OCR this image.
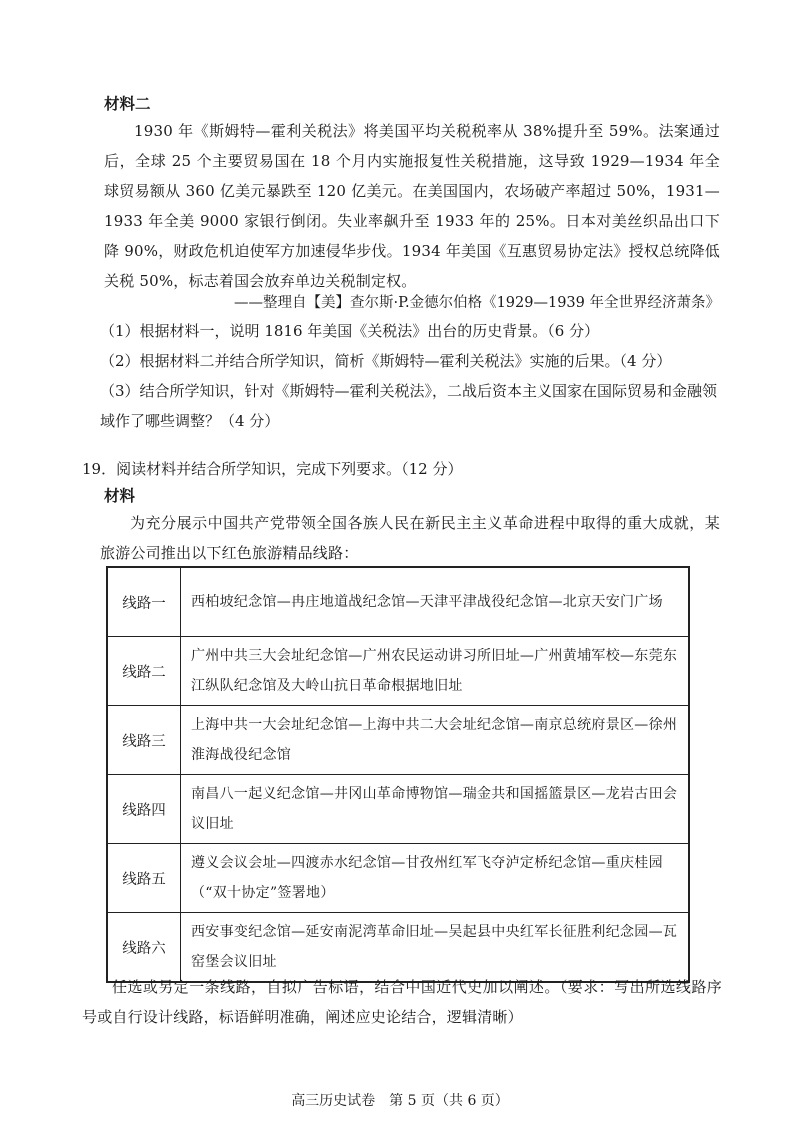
材料二
1930 年《斯姆特—霍利关税法》将美国平均关税税率从 38%提升至 59%。法案通过后，全球 25 个主要贸易国在 18 个月内实施报复性关税措施，这导致 1929—1934 年全球贸易额从 360 亿美元暴跌至 120 亿美元。在美国国内，农场破产率超过 50%，1931—1933 年全美 9000 家银行倒闭。失业率飙升至 1933 年的 25%。日本对美丝织品出口下降 90%，财政危机迫使军方加速侵华步伐。1934 年美国《互惠贸易协定法》授权总统降低关税 50%，标志着国会放弃单边关税制定权。
——整理自【美】查尔斯·P.金德尔伯格《1929—1939 年全世界经济萧条》
（1）根据材料一，说明 1816 年美国《关税法》出台的历史背景。（6 分）
（2）根据材料二并结合所学知识，简析《斯姆特—霍利关税法》实施的后果。（4 分）
（3）结合所学知识，针对《斯姆特—霍利关税法》，二战后资本主义国家在国际贸易和金融领域作了哪些调整？（4 分）
19．阅读材料并结合所学知识，完成下列要求。（12 分）
材料
为充分展示中国共产党带领全国各族人民在新民主主义革命进程中取得的重大成就，某旅游公司推出以下红色旅游精品线路：
线路一	西柏坡纪念馆—冉庄地道战纪念馆—天津平津战役纪念馆—北京天安门广场
线路二	广州中共三大会址纪念馆—广州农民运动讲习所旧址—广州黄埔军校—东莞东江纵队纪念馆及大岭山抗日革命根据地旧址
线路三	上海中共一大会址纪念馆—上海中共二大会址纪念馆—南京总统府景区—徐州淮海战役纪念馆
线路四	南昌八一起义纪念馆—井冈山革命博物馆—瑞金共和国摇篮景区—龙岩古田会议旧址
线路五	遵义会议会址—四渡赤水纪念馆—甘孜州红军飞夺泸定桥纪念馆—重庆桂园（“双十协定”签署地）
线路六	西安事变纪念馆—延安南泥湾革命旧址—吴起县中央红军长征胜利纪念园—瓦窑堡会议旧址
任选或另定一条线路，自拟广告标语，结合中国近代史加以阐述。（要求：写出所选线路序号或自行设计线路，标语鲜明准确，阐述应史论结合，逻辑清晰）
高三历史试卷　第 5 页（共 6 页）
